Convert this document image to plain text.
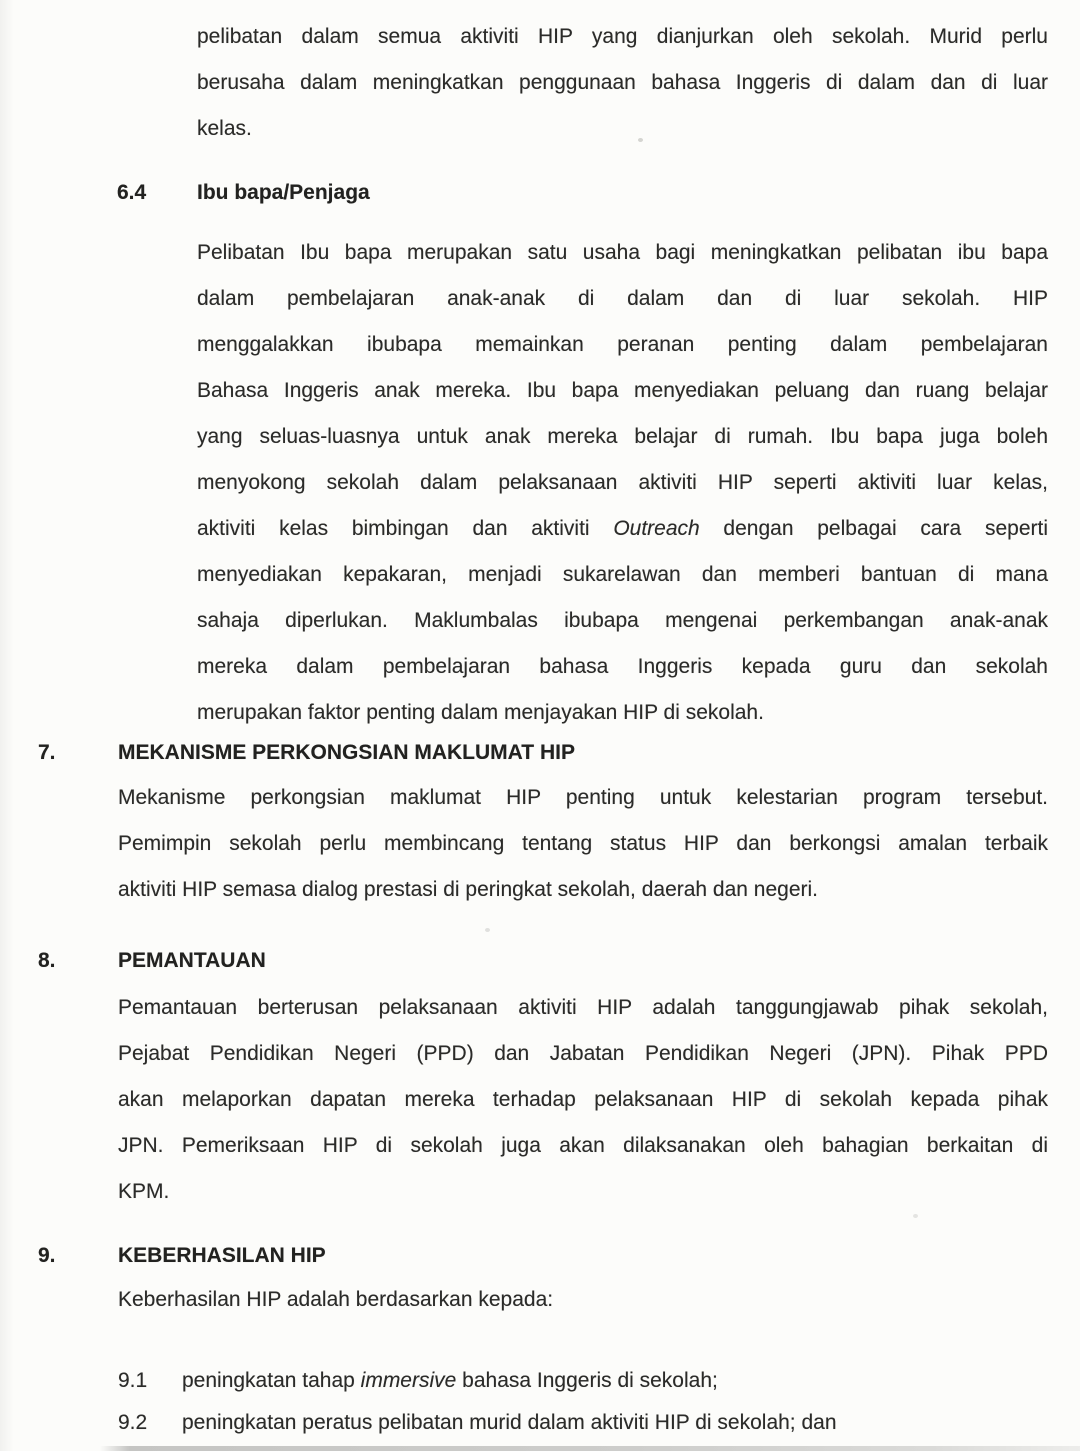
pelibatan dalam semua aktiviti HIP yang dianjurkan oleh sekolah. Murid perlu
berusaha dalam meningkatkan penggunaan bahasa Inggeris di dalam dan di luar
kelas.
6.4 Ibu bapa/Penjaga
Pelibatan Ibu bapa merupakan satu usaha bagi meningkatkan pelibatan ibu bapa
dalam pembelajaran anak-anak di dalam dan di luar sekolah. HIP
menggalakkan ibubapa memainkan peranan penting dalam pembelajaran
Bahasa Inggeris anak mereka. Ibu bapa menyediakan peluang dan ruang belajar
yang seluas-luasnya untuk anak mereka belajar di rumah. Ibu bapa juga boleh
menyokong sekolah dalam pelaksanaan aktiviti HIP seperti aktiviti luar kelas,
aktiviti kelas bimbingan dan aktiviti Outreach dengan pelbagai cara seperti
menyediakan kepakaran, menjadi sukarelawan dan memberi bantuan di mana
sahaja diperlukan. Maklumbalas ibubapa mengenai perkembangan anak-anak
mereka dalam pembelajaran bahasa Inggeris kepada guru dan sekolah
merupakan faktor penting dalam menjayakan HIP di sekolah.
7.	MEKANISME PERKONGSIAN MAKLUMAT HIP
Mekanisme perkongsian maklumat HIP penting untuk kelestarian program tersebut.
Pemimpin sekolah perlu membincang tentang status HIP dan berkongsi amalan terbaik
aktiviti HIP semasa dialog prestasi di peringkat sekolah, daerah dan negeri.
8.	PEMANTAUAN
Pemantauan berterusan pelaksanaan aktiviti HIP adalah tanggungjawab pihak sekolah,
Pejabat Pendidikan Negeri (PPD) dan Jabatan Pendidikan Negeri (JPN). Pihak PPD
akan melaporkan dapatan mereka terhadap pelaksanaan HIP di sekolah kepada pihak
JPN. Pemeriksaan HIP di sekolah juga akan dilaksanakan oleh bahagian berkaitan di
KPM.
9.	KEBERHASILAN HIP
Keberhasilan HIP adalah berdasarkan kepada:
9.1 peningkatan tahap immersive bahasa Inggeris di sekolah;
9.2 peningkatan peratus pelibatan murid dalam aktiviti HIP di sekolah; dan
